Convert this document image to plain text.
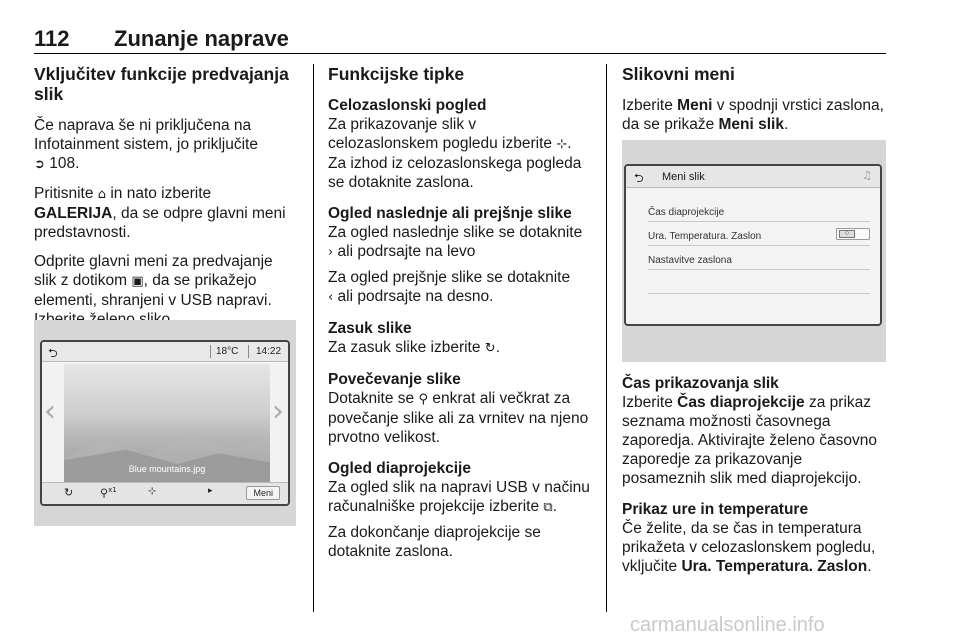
112 Zunanje naprave
Vključitev funkcije predvajanja slik

Če naprava še ni priključena na Infotainment sistem, jo priključite
➲ 108.

Pritisnite ⌂ in nato izberite GALERIJA, da se odpre glavni meni predstavnosti.

Odprite glavni meni za predvajanje slik z dotikom ▣, da se prikažejo elementi, shranjeni v USB napravi.

⮌	18°C 14:22
‹
Blue mountains.jpg
›
↻ ⚲$^{x1}$	⊹	▸	Meni
Funkcijske tipke
Celozaslonski pogled
Za prikazovanje slik v celozaslonskem pogledu izberite ⊹. Za izhod iz celozaslonskega pogleda se dotaknite zaslona.
Ogled naslednje ali prejšnje slike

Za ogled naslednje slike se dotaknite
› ali podrsajte na levo

Za ogled prejšnje slike se dotaknite
‹ ali podrsajte na desno.

Zasuk slike
Za zasuk slike izberite ↻.
Povečevanje slike
Dotaknite se ⚲ enkrat ali večkrat za povečanje slike ali za vrnitev na njeno prvotno velikost.
Ogled diaprojekcije

Za ogled slik na napravi USB v načinu računalniške projekcije izberite ⧉.

Za dokončanje diaprojekcije se dotaknite zaslona.

Slikovni meni

Izberite Meni v spodnji vrstici zaslona, da se prikaže Meni slik.

⮌ Meni slik	♫
Čas diaprojekcije
Ura. Temperatura. Zaslon	○
Nastavitve zaslona
Čas prikazovanja slik
Izberite Čas diaprojekcije za prikaz seznama možnosti časovnega zaporedja. Aktivirajte želeno časovno zaporedje za prikazovanje posameznih slik med diaprojekcijo.
Prikaz ure in temperature
Če želite, da se čas in temperatura prikažeta v celozaslonskem pogledu, vključite Ura. Temperatura. Zaslon.
carmanualsonline.info
